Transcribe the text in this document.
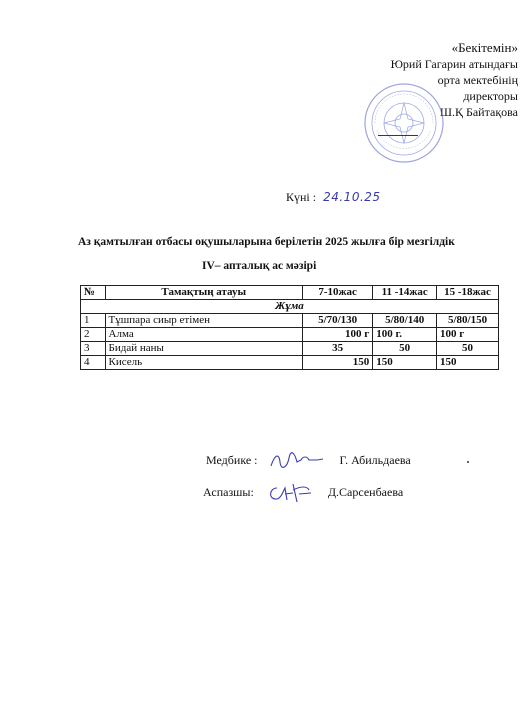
«Бекітемін»
Юрий Гагарин атындағы
орта мектебінің
директоры
Ш.Қ Байтақова
Күні : 24.10.25
Аз қамтылған отбасы оқушыларына берілетін 2025 жылға бір мезгілдік
IV– апталық ас мәзірі
№	Тамақтың атауы	7-10жас	11 -14жас	15 -18жас
Жұма				
1	Тұшпара сиыр етімен	5/70/130	5/80/140	5/80/150
2	Алма	100 г	100 г.	100 г
3	Бидай наны	35	50	50
4	Кисель	150	150	150
Медбике :	Г. Абильдаева
Аспазшы:	Д.Сарсенбаева
